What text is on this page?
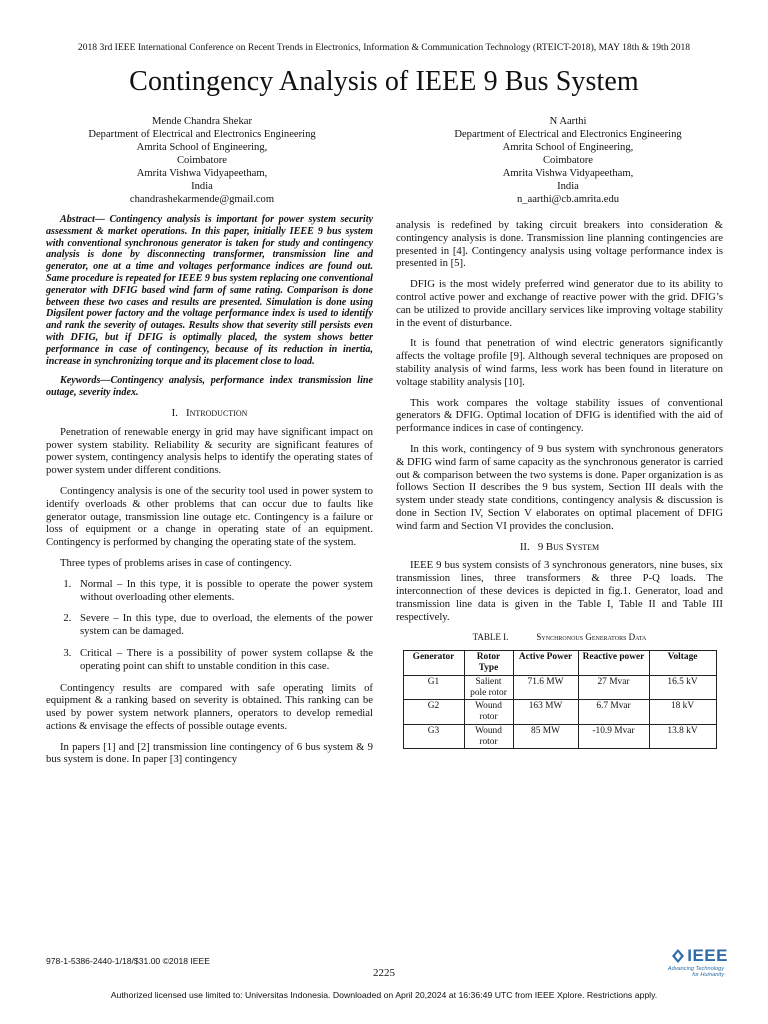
2018 3rd IEEE International Conference on Recent Trends in Electronics, Information & Communication Technology (RTEICT-2018), MAY 18th & 19th 2018
Contingency Analysis of IEEE 9 Bus System
Mende Chandra Shekar
Department of Electrical and Electronics Engineering
Amrita School of Engineering,
Coimbatore
Amrita Vishwa Vidyapeetham,
India
chandrashekarmende@gmail.com
N Aarthi
Department of Electrical and Electronics Engineering
Amrita School of Engineering,
Coimbatore
Amrita Vishwa Vidyapeetham,
India
n_aarthi@cb.amrita.edu

Abstract— Contingency analysis is important for power system security assessment & market operations. In this paper, initially IEEE 9 bus system with conventional synchronous generator is taken for study and contingency analysis is done by disconnecting transformer, transmission line and generator, one at a time and voltages performance indices are found out. Same procedure is repeated for IEEE 9 bus system replacing one conventional generator with DFIG based wind farm of same rating. Comparison is done between these two cases and results are presented. Simulation is done using Digsilent power factory and the voltage performance index is used to identify and rank the severity of outages. Results show that severity still persists even with DFIG, but if DFIG is optimally placed, the system shows better performance in case of contingency, because of its reduction in inertia, increase in synchronizing torque and its placement close to load.

Keywords—Contingency analysis, performance index transmission line outage, severity index.

I. Introduction

Penetration of renewable energy in grid may have significant impact on power system stability. Reliability & security are significant features of power system, contingency analysis helps to identify the operating states of power system under different conditions.

Contingency analysis is one of the security tool used in power system to identify overloads & other problems that can occur due to faults like generator outage, transmission line outage etc. Contingency is a failure or loss of equipment or a change in operating state of an equipment. Contingency is performed by changing the operating state of the system.

Three types of problems arises in case of contingency.

1. Normal – In this type, it is possible to operate the power system without overloading other elements.
2. Severe – In this type, due to overload, the elements of the power system can be damaged.
3. Critical – There is a possibility of power system collapse & the operating point can shift to unstable condition in this case.

Contingency results are compared with safe operating limits of equipment & a ranking based on severity is obtained. This ranking can be used by power system network planners, operators to develop remedial actions & envisage the effects of possible outage events.

In papers [1] and [2] transmission line contingency of 6 bus system & 9 bus system is done. In paper [3] contingency

analysis is redefined by taking circuit breakers into consideration & contingency analysis is done. Transmission line planning contingencies are presented in [4]. Contingency analysis using voltage performance index is presented in [5].

DFIG is the most widely preferred wind generator due to its ability to control active power and exchange of reactive power with the grid. DFIG’s can be utilized to provide ancillary services like improving voltage stability in the event of disturbance.

It is found that penetration of wind electric generators significantly affects the voltage profile [9]. Although several techniques are proposed on stability analysis of wind farms, less work has been found in literature on voltage stability analysis [10].

This work compares the voltage stability issues of conventional generators & DFIG. Optimal location of DFIG is identified with the aid of performance indices in case of contingency.

In this work, contingency of 9 bus system with synchronous generators & DFIG wind farm of same capacity as the synchronous generator is carried out & comparison between the two systems is done. Paper organization is as follows Section II describes the 9 bus system, Section III deals with the system under steady state conditions, contingency analysis & discussion is done in Section IV, Section V elaborates on optimal placement of DFIG wind farm and Section VI provides the conclusion.

II. 9 Bus System

IEEE 9 bus system consists of 3 synchronous generators, nine buses, six transmission lines, three transformers & three P-Q loads. The interconnection of these devices is depicted in fig.1. Generator, load and transmission line data is given in the Table I, Table II and Table III respectively.

TABLE I.	Synchronous Generators Data
Generator	Rotor Type	Active Power	Reactive power	Voltage
G1	Salient pole rotor	71.6 MW	27 Mvar	16.5 kV
G2	Wound rotor	163 MW	6.7 Mvar	18 kV
G3	Wound rotor	85 MW	-10.9 Mvar	13.8 kV
978-1-5386-2440-1/18/$31.00 ©2018 IEEE
2225
Authorized licensed use limited to: Universitas Indonesia. Downloaded on April 20,2024 at 16:36:49 UTC from IEEE Xplore. Restrictions apply.
IEEE
Advancing Technology
for Humanity
